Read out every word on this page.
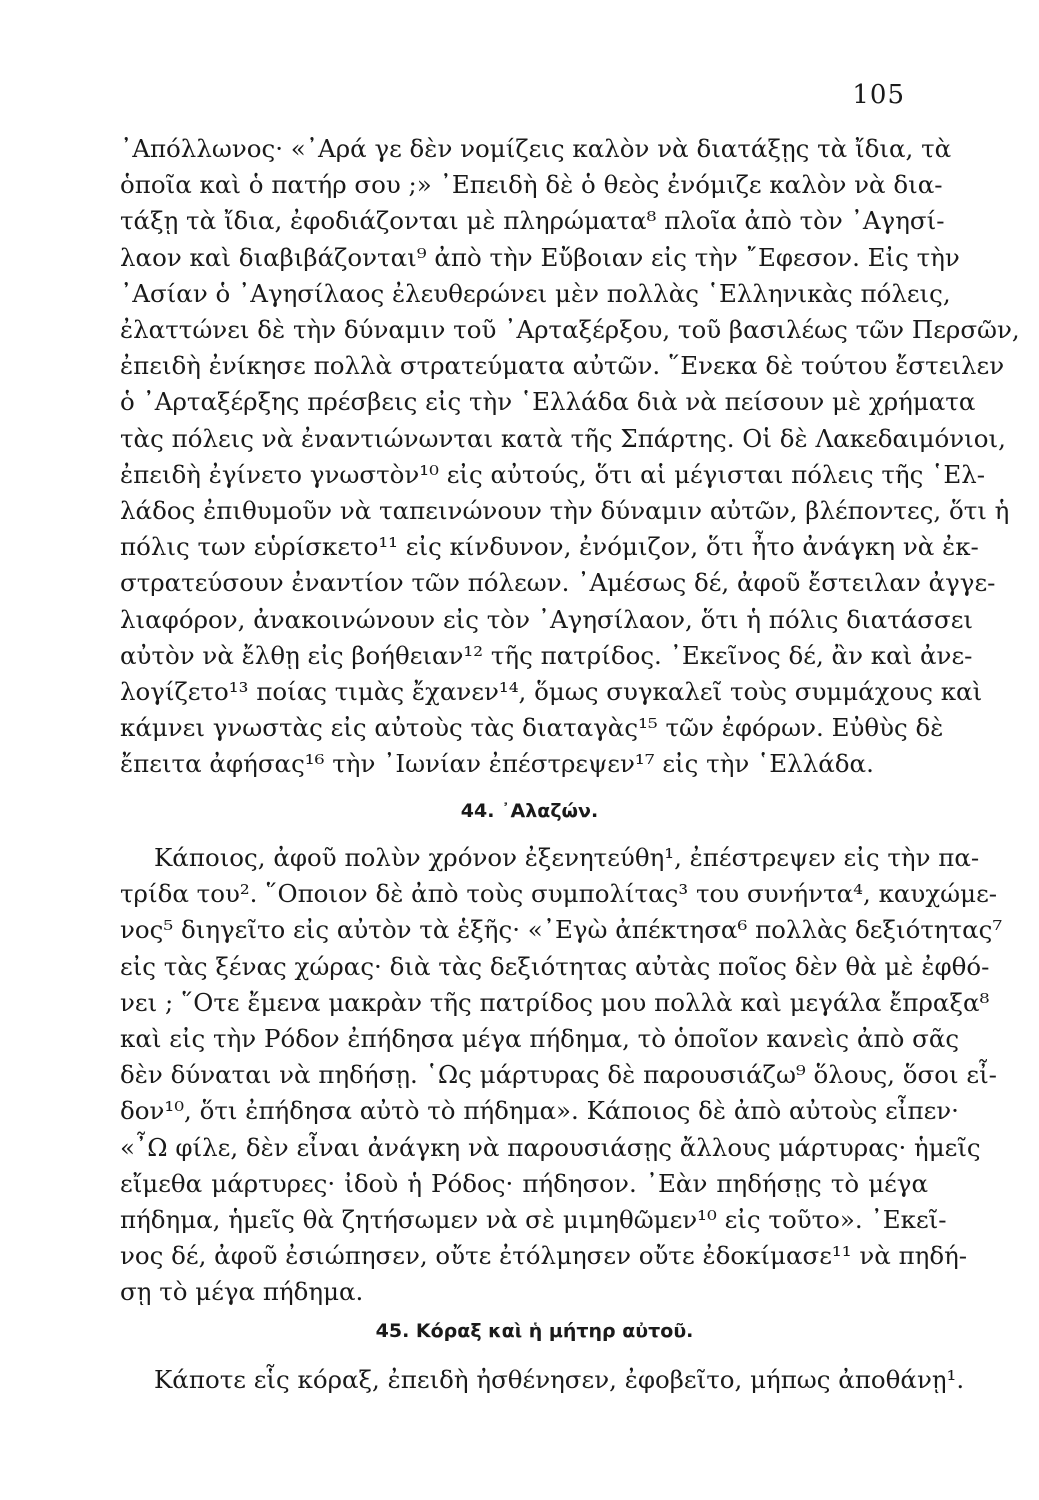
105
᾿Απόλλωνος· «᾿Αρά γε δὲν νομίζεις καλὸν νὰ διατάξῃς τὰ ἴδια, τὰ
ὁποῖα καὶ ὁ πατήρ σου ;» ᾿Επειδὴ δὲ ὁ θεὸς ἐνόμιζε καλὸν νὰ δια-
τάξῃ τὰ ἴδια, ἐφοδιάζονται μὲ πληρώματα⁸ πλοῖα ἀπὸ τὸν ᾿Αγησί-
λαον καὶ διαβιβάζονται⁹ ἀπὸ τὴν Εὔβοιαν εἰς τὴν ῎Εφεσον. Εἰς τὴν
᾿Ασίαν ὁ ᾿Αγησίλαος ἐλευθερώνει μὲν πολλὰς ῾Ελληνικὰς πόλεις,
ἐλαττώνει δὲ τὴν δύναμιν τοῦ ᾿Αρταξέρξου, τοῦ βασιλέως τῶν Περσῶν,
ἐπειδὴ ἐνίκησε πολλὰ στρατεύματα αὐτῶν. ῞Ενεκα δὲ τούτου ἔστειλεν
ὁ ᾿Αρταξέρξης πρέσβεις εἰς τὴν ῾Ελλάδα διὰ νὰ πείσουν μὲ χρήματα
τὰς πόλεις νὰ ἐναντιώνωνται κατὰ τῆς Σπάρτης. Οἱ δὲ Λακεδαιμόνιοι,
ἐπειδὴ ἐγίνετο γνωστὸν¹⁰ εἰς αὐτούς, ὅτι αἱ μέγισται πόλεις τῆς ῾Ελ-
λάδος ἐπιθυμοῦν νὰ ταπεινώνουν τὴν δύναμιν αὐτῶν, βλέποντες, ὅτι ἡ
πόλις των εὑρίσκετο¹¹ εἰς κίνδυνον, ἐνόμιζον, ὅτι ἦτο ἀνάγκη νὰ ἐκ-
στρατεύσουν ἐναντίον τῶν πόλεων. ᾿Αμέσως δέ, ἀφοῦ ἔστειλαν ἀγγε-
λιαφόρον, ἀνακοινώνουν εἰς τὸν ᾿Αγησίλαον, ὅτι ἡ πόλις διατάσσει
αὐτὸν νὰ ἔλθῃ εἰς βοήθειαν¹² τῆς πατρίδος. ᾿Εκεῖνος δέ, ἂν καὶ ἀνε-
λογίζετο¹³ ποίας τιμὰς ἔχανεν¹⁴, ὅμως συγκαλεῖ τοὺς συμμάχους καὶ
κάμνει γνωστὰς εἰς αὐτοὺς τὰς διαταγὰς¹⁵ τῶν ἐφόρων. Εὐθὺς δὲ
ἔπειτα ἀφήσας¹⁶ τὴν ᾿Ιωνίαν ἐπέστρεψεν¹⁷ εἰς τὴν ῾Ελλάδα.
44. ᾿Αλαζών.
Κάποιος, ἀφοῦ πολὺν χρόνον ἐξενητεύθη¹, ἐπέστρεψεν εἰς τὴν πα-
τρίδα του². ῞Οποιον δὲ ἀπὸ τοὺς συμπολίτας³ του συνήντα⁴, καυχώμε-
νος⁵ διηγεῖτο εἰς αὐτὸν τὰ ἑξῆς· «᾿Εγὼ ἀπέκτησα⁶ πολλὰς δεξιότητας⁷
εἰς τὰς ξένας χώρας· διὰ τὰς δεξιότητας αὐτὰς ποῖος δὲν θὰ μὲ ἐφθό-
νει ; ῞Οτε ἔμενα μακρὰν τῆς πατρίδος μου πολλὰ καὶ μεγάλα ἔπραξα⁸
καὶ εἰς τὴν Ρόδον ἐπήδησα μέγα πήδημα, τὸ ὁποῖον κανεὶς ἀπὸ σᾶς
δὲν δύναται νὰ πηδήσῃ. ῾Ως μάρτυρας δὲ παρουσιάζω⁹ ὅλους, ὅσοι εἶ-
δον¹⁰, ὅτι ἐπήδησα αὐτὸ τὸ πήδημα». Κάποιος δὲ ἀπὸ αὐτοὺς εἶπεν·
«῏Ω φίλε, δὲν εἶναι ἀνάγκη νὰ παρουσιάσῃς ἄλλους μάρτυρας· ἡμεῖς
εἴμεθα μάρτυρες· ἰδοὺ ἡ Ρόδος· πήδησον. ᾿Εὰν πηδήσῃς τὸ μέγα
πήδημα, ἡμεῖς θὰ ζητήσωμεν νὰ σὲ μιμηθῶμεν¹⁰ εἰς τοῦτο». ᾿Εκεῖ-
νος δέ, ἀφοῦ ἐσιώπησεν, οὔτε ἐτόλμησεν οὔτε ἐδοκίμασε¹¹ νὰ πηδή-
σῃ τὸ μέγα πήδημα.
45. Κόραξ καὶ ἡ μήτηρ αὐτοῦ.
Κάποτε εἷς κόραξ, ἐπειδὴ ἠσθένησεν, ἐφοβεῖτο, μήπως ἀποθάνῃ¹.
